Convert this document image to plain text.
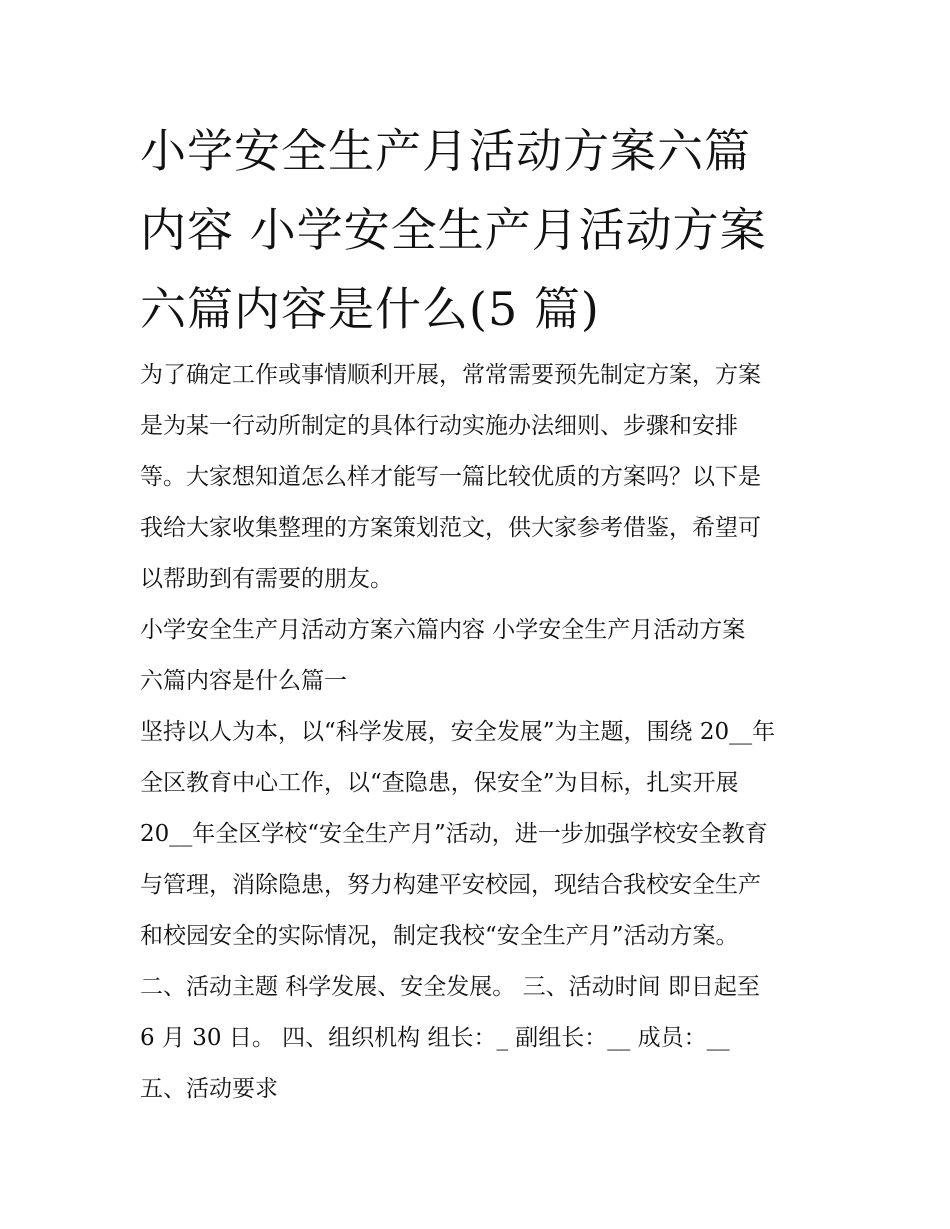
小学安全生产月活动方案六篇
内容 小学安全生产月活动方案
六篇内容是什么(5 篇)
为了确定工作或事情顺利开展，常常需要预先制定方案，方案
是为某一行动所制定的具体行动实施办法细则、步骤和安排
等。大家想知道怎么样才能写一篇比较优质的方案吗？以下是
我给大家收集整理的方案策划范文，供大家参考借鉴，希望可
以帮助到有需要的朋友。
小学安全生产月活动方案六篇内容 小学安全生产月活动方案
六篇内容是什么篇一
坚持以人为本，以“科学发展，安全发展”为主题，围绕 20__年
全区教育中心工作，以“查隐患，保安全”为目标，扎实开展
20__年全区学校“安全生产月”活动，进一步加强学校安全教育
与管理，消除隐患，努力构建平安校园，现结合我校安全生产
和校园安全的实际情况，制定我校“安全生产月”活动方案。
二、活动主题 科学发展、安全发展。 三、活动时间 即日起至
6 月 30 日。 四、组织机构 组长：_ 副组长：__ 成员：__
五、活动要求
